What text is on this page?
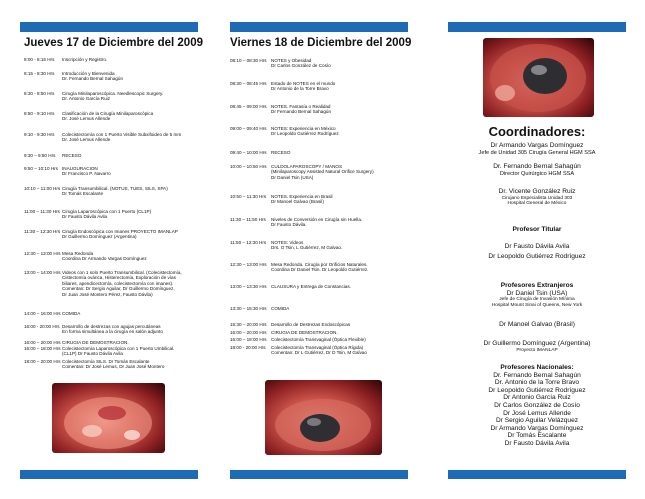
Jueves 17 de Diciembre del 2009
8:00 - 8:15 Hrs	Inscripción y Registro.
8:15 - 8:30 Hrs	Introducción y Bienvenida
Dr. Fernando Bernal Sahagún
8:30 - 8:50 Hrs	Cirugía Minilaparoscópica. Needlescopic Surgery.
Dr. Antonio García Ruiz
8:50 - 9:10 Hrs	Clasificación de la Cirugía Minilaparoscópica
Dr. José Lemus Allende
9:10 - 9:30 Hrs	Colecistectomía con 1 Puerto Visible Subxifoideo de 5 mm
Dr. José Lemus Allende
9:30 – 9:50 Hrs	RECESO
9:50 – 10:10 Hrs INAUGURACION
Dr Francisco P. Navarro
10:10 – 11:00 Hrs Cirugía Transumbilical. (NOTUS, TUES, SILS, SPA)
Dr Tomás Escalante
11:00 – 11:30 Hrs Cirugía Laparoscópica con 1 Puerto (CL1P)
Dr Fausto Dávila Avila
11:30 – 12:30 Hrs Cirugía Endoscópica con Imanes PROYECTO IMANLAP
Dr Guillermo Domínguez (Argentina)
12:30 – 13:00 Hrs Mesa Redonda
Coordina Dr Armando Vargas Domínguez
13:00 – 14:00 Hrs Videos con 1 solo Puerto Transumbilical. (Colecistectomía,
Cistectomía ovárica, Histerectomía, Exploración de vías
biliares, apendicectomía, colecistectomía con imanes).
Comentan: Dr Sergio Aguilar, Dr Guillermo Domínguez,
Dr Juan José Montero Pérez, Fausto Dávila)
14:00 – 16:00 Hrs COMIDA
16:00 - 20:00 Hrs Desarrollo de destrezas con agujas percutáneas
En forma simultánea a la cirugía en salón adjunto
16:00 – 20:00 Hrs CIRUGIA DE DEMOSTRACION.
16:00 – 18:00 Hrs Colecistectomía Laparoscópica con 1 Puerto Umbilical.
(CL1P) Dr Fausto Dávila Avila
18:00 – 20:00 Hrs Colecistectomía SILS. Dr Tomás Escalante
Comentan: Dr José Lemus, Dr Juan José Montero
Viernes 18 de Diciembre del 2009
08:10 – 08:30 Hrs NOTES y Obesidad
Dr Carlos González de Cosío
08:30 – 08:45 Hrs Estado de NOTES en el mundo
Dr Antonio de la Torre Bravo
08:45 – 09:00 Hrs NOTES. Fantasía o Realidad
Dr Fernando Bernal Sahagún
09:00 – 09:40 Hrs NOTES: Experiencia en México
Dr Leopoldo Gutiérrez Rodríguez
09:40 – 10:00 Hrs RECESO
10:00 – 10:50 Hrs CULDOLAPAROSCOPY / MANOS
(Minilaparoscopy Assisted Natural Orifice Surgery)
Dr Daniel Tsin (USA)
10:50 – 11:30 Hrs	NOTES. Experiencia en Brasil
Dr Manoel Galvao (Brasil)
11:30 – 11:50 Hrs	Niveles de Conversión en Cirugía sin Huella.
Dr Fausto Dávila.
11:50 – 12:30 Hrs	NOTES: Videos
Drs. O Tsin, L Gutiérrez, M Galvao.
12:30 – 13:00 Hrs Mesa Redonda. Cirugía por Orificios Naturales.
Coordina Dr Daniel Tsin. Dr Leopoldo Gutiérrez.
13:00 – 13:30 Hrs CLAUSURA y Entrega de Constancias.
13:30 – 15:30 Hrs COMIDA
15:30 – 20:00 Hrs Desarrollo de Destrezas Endoscópicas
16:00 – 20:00 Hrs CIRUGIA DE DEMOSTRACION.
16:00 – 18:00 Hrs Colecistectomía Transvaginal (Óptica Flexible)
18:00 - 20:00 Hrs	Colecistectomía Transvaginal (Óptica Rígida)
Comentan: Dr L Gutiérrez, Dr D Tsin, M Galvao
Coordinadores:
Dr Armando Vargas Domínguez
Jefe de Unidad 305 Cirugía General HGM SSA
Dr. Fernando Bernal Sahagún
Director Quirúrgico HGM SSA
Dr. Vicente González Ruiz
Cirujano Especialista Unidad 303
Hospital General de México
Profesor Titular
Dr Fausto Dávila Avila
Dr Leopoldo Gutiérrez Rodríguez
Profesores Extranjeros
Dr Daniel Tsin (USA)
Jefe de Cirugía de Invasión Mínima
Hospital Mount Sinai of Queens, New York
Dr Manoel Galvao (Brasil)
Dr Guillermo Domínguez (Argentina)
Proyecto IMANLAP
Profesores Nacionales:
Dr. Fernando Bernal Sahagún
Dr. Antonio de la Torre Bravo
Dr Leopoldo Gutiérrez Rodríguez
Dr Antonio García Ruiz
Dr Carlos González de Cosío
Dr José Lemus Allende
Dr Sergio Aguilar Velázquez
Dr Armando Vargas Domínguez
Dr Tomás Escalante
Dr Fausto Dávila Avila
